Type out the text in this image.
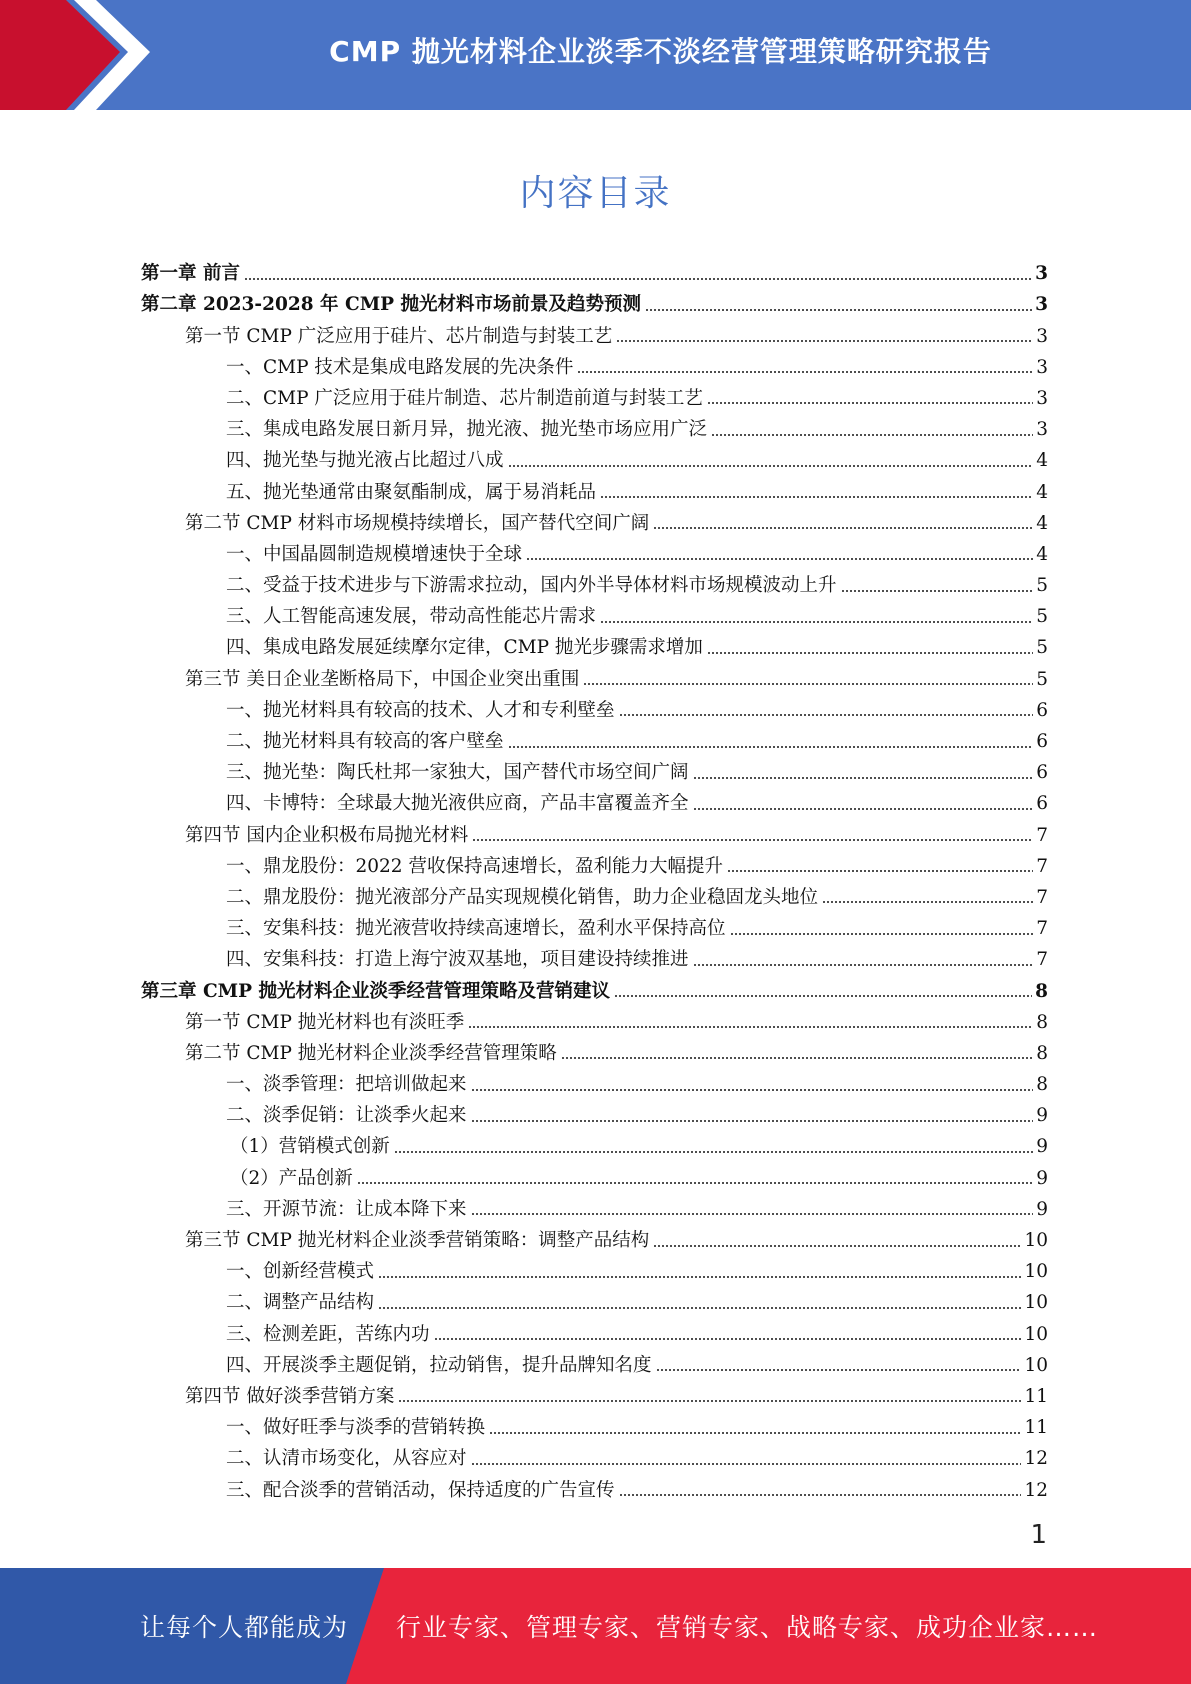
CMP 抛光材料企业淡季不淡经营管理策略研究报告
内容目录
第一章 前言	3
第二章 2023-2028 年 CMP 抛光材料市场前景及趋势预测	3
第一节 CMP 广泛应用于硅片、芯片制造与封装工艺	3
一、CMP 技术是集成电路发展的先决条件	3
二、CMP 广泛应用于硅片制造、芯片制造前道与封装工艺	3
三、集成电路发展日新月异，抛光液、抛光垫市场应用广泛	3
四、抛光垫与抛光液占比超过八成	4
五、抛光垫通常由聚氨酯制成，属于易消耗品	4
第二节 CMP 材料市场规模持续增长，国产替代空间广阔	4
一、中国晶圆制造规模增速快于全球	4
二、受益于技术进步与下游需求拉动，国内外半导体材料市场规模波动上升	5
三、人工智能高速发展，带动高性能芯片需求	5
四、集成电路发展延续摩尔定律，CMP 抛光步骤需求增加	5
第三节 美日企业垄断格局下，中国企业突出重围	5
一、抛光材料具有较高的技术、人才和专利壁垒	6
二、抛光材料具有较高的客户壁垒	6
三、抛光垫：陶氏杜邦一家独大，国产替代市场空间广阔	6
四、卡博特：全球最大抛光液供应商，产品丰富覆盖齐全	6
第四节 国内企业积极布局抛光材料	7
一、鼎龙股份：2022 营收保持高速增长，盈利能力大幅提升	7
二、鼎龙股份：抛光液部分产品实现规模化销售，助力企业稳固龙头地位	7
三、安集科技：抛光液营收持续高速增长，盈利水平保持高位	7
四、安集科技：打造上海宁波双基地，项目建设持续推进	7
第三章 CMP 抛光材料企业淡季经营管理策略及营销建议	8
第一节 CMP 抛光材料也有淡旺季	8
第二节 CMP 抛光材料企业淡季经营管理策略	8
一、淡季管理：把培训做起来	8
二、淡季促销：让淡季火起来	9
（1）营销模式创新	9
（2）产品创新	9
三、开源节流：让成本降下来	9
第三节 CMP 抛光材料企业淡季营销策略：调整产品结构	10
一、创新经营模式	10
二、调整产品结构	10
三、检测差距，苦练内功	10
四、开展淡季主题促销，拉动销售，提升品牌知名度	10
第四节 做好淡季营销方案	11
一、做好旺季与淡季的营销转换	11
二、认清市场变化，从容应对	12
三、配合淡季的营销活动，保持适度的广告宣传	12
1
让每个人都能成为 行业专家、管理专家、营销专家、战略专家、成功企业家……
